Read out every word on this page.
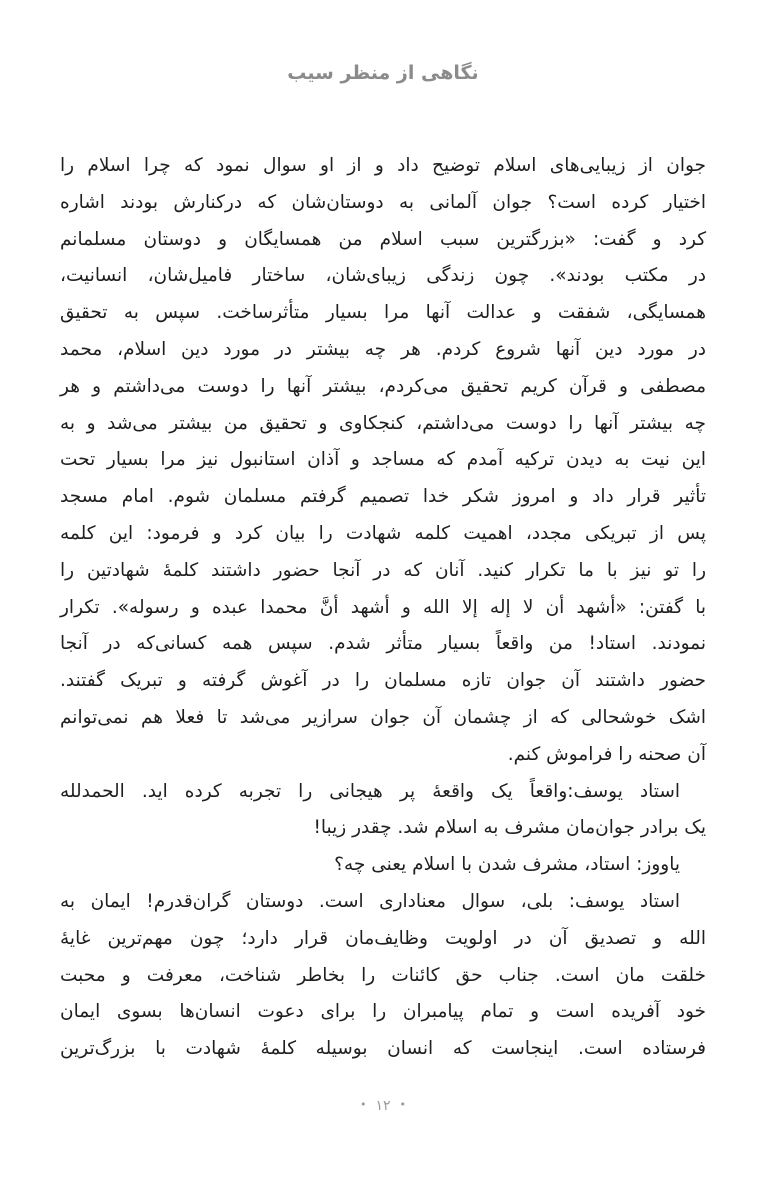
نگاهی از منظر سیب
جوان از زیبایی‌های اسلام توضیح داد و از او سوال نمود که چرا اسلام را
اختیار کرده است؟ جوان آلمانی به دوستان‌شان که درکنارش بودند اشاره
کرد و گفت: «بزرگترین سبب اسلام من همسایگان و دوستان مسلمانم
در مکتب بودند». چون زندگی زیبای‌شان، ساختار فامیل‌شان، انسانیت،
همسایگی، شفقت و عدالت آنها مرا بسیار متأثرساخت. سپس به تحقیق
در مورد دین آنها شروع کردم. هر چه بیشتر در مورد دین اسلام، محمد
مصطفی و قرآن کریم تحقیق می‌کردم، بیشتر آنها را دوست می‌داشتم و هر
چه بیشتر آنها را دوست می‌داشتم، کنجکاوی و تحقیق من بیشتر می‌شد و به
این نیت به دیدن ترکیه آمدم که مساجد و آذان استانبول نیز مرا بسیار تحت
تأثیر قرار داد و امروز شکر خدا تصمیم گرفتم مسلمان شوم. امام مسجد
پس از تبریکی مجدد، اهمیت کلمه شهادت را بیان کرد و فرمود: این کلمه
را تو نیز با ما تکرار کنید. آنان که در آنجا حضور داشتند کلمهٔ شهادتین را
با گفتن: «أشهد أن لا إله إلا الله و أشهد أنَّ محمدا عبده و رسوله». تکرار
نمودند. استاد! من واقعاً بسیار متأثر شدم. سپس همه کسانی‌که در آنجا
حضور داشتند آن جوان تازه مسلمان را در آغوش گرفته و تبریک گفتند.
اشک خوشحالی که از چشمان آن جوان سرازیر می‌شد تا فعلا هم نمی‌توانم
آن صحنه را فراموش کنم.
استاد یوسف:واقعاً یک واقعهٔ پر هیجانی را تجربه کرده اید. الحمدلله
یک برادر جوان‌مان مشرف به اسلام شد. چقدر زیبا!
یاووز: استاد، مشرف شدن با اسلام یعنی چه؟
استاد یوسف: بلی، سوال معناداری است. دوستان گران‌قدرم! ایمان به
الله و تصدیق آن در اولویت وظایف‌مان قرار دارد؛ چون مهم‌ترین غایهٔ
خلقت مان است. جناب حق کائنات را بخاطر شناخت، معرفت و محبت
خود آفریده است و تمام پیامبران را برای دعوت انسان‌ها بسوی ایمان
فرستاده است. اینجاست که انسان بوسیله کلمهٔ شهادت با بزرگ‌ترین
•۱۲•
